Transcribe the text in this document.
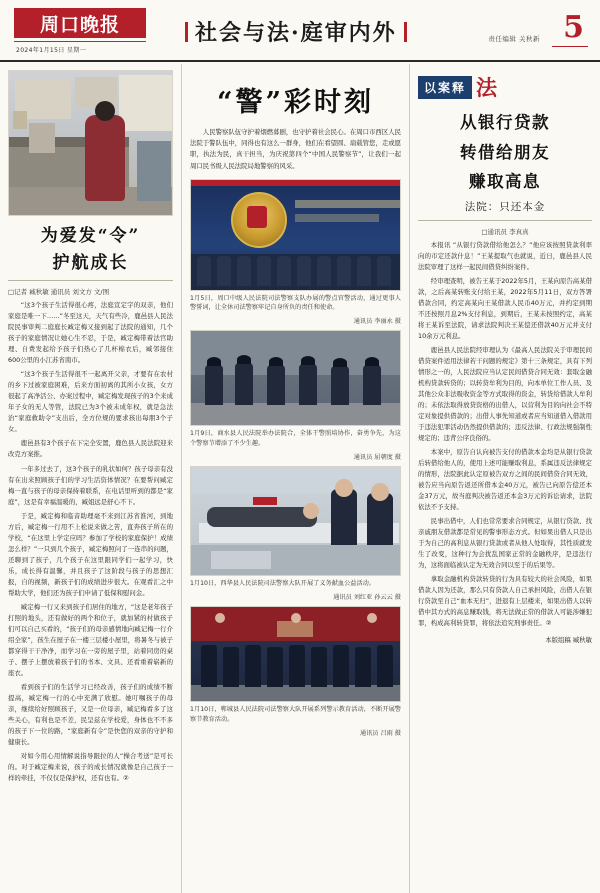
周口晚报
2024年1月15日 星期一
社会与法·庭审内外	责任编辑 关秋新 5
为爱发“令”
护航成长
□记者 臧秋敏 通讯员 刘文方 文/图

“这3个孩子生活得很心疼，法庭宣定宇的双亲，他们家庭是唯一下……”冬至这天，天气有些冷，鹿邑县人民法院民事审判二庭庭长臧定梅又接到起了法院的通知，几个孩子的家庭情况让她心生不忍，于是，臧定梅带着法官助理、自费发起给予孩子们热心了几杯棉衣后，臧邻接住600公里的小江苏省南市。

“这3个孩子生活得很不一起离开父亲，才要有在农村的乡下过被家庭困难，后来方面初离的其所小女孩，女方很起了高净活公、办案过程中，臧定梅发现孩子的3个来成年子女的无人等管，法院已为3个被未成年权，就是急法治“家庭救助令”支出后，全方位规的要求孩出每朋3个子女。

鹿邑县有3个孩子在下完全安置，鹿色县人民法院迎来改克方案推。

一年多过去了，这3个孩子的乳状如何？孩子母亲有没有在出来照顾孩子们的学习生活资体情况？在要帮问臧定梅一直与孩子的母亲保持着联系，在电话里听到的都是“家庭”，这是有幸福温暖的，臧姐远是舒心不下。

于是，臧定梅和临音助理毫不来到江苏省淮河，到地方后，臧定梅一行用不上松说来做之苦，直奔孩子所在的学校，“在这里上学定应吗？参加了学校的家庭保护！成绩怎么样？”一只到几个孩子，臧定梅照问了一连串的问题，还聊到了孩子，几个孩子在这里跟同学们一起学习，快乐，成长得有温馨，并且孩子了这阶段与孩子的思想汇报，自的视频，新孩子们的成绩进步很大。在观看汇之中帮助大学，他们还为孩子们申请了低保和慰问金。

臧定梅一行又来到孩子们居住的地方，“这是老年孩子打照的地头，还有做好的两个和位子，就加紧的村做孩子们可以自己买看的，“孩子们的母亲感情地向臧记梅一行介绍全家”，孩生在屋子在一楼三层楼小屋里，将暑冬与被子都穿得干干净净，而学习在一旁的屋子里，站着同房的桌子、摆子上摆放着孩子们的书本、文具、还看重着崭新的座衣。

看到孩子们的生活学习已经改善，孩子们的成绩不断提高，臧定梅一行的心中充满了欣慰。她叮嘱孩子的母亲，继续给好照顾孩子，又是一位母亲，臧记梅看多了这些关心，有利也是不差，民呈兹在学校爱，身体也不不多的孩子下一位的路，“家庭新有令”是快您的双亲的守护和健康长。

对如今用心用情解说指导跟拉的人“操合考送”是可长的。对于臧定梅来说，孩子的成长情况就像是自己孩子一样的牵挂，不仅仅是保护权，还有也有。②

“警”彩时刻

人民警察队伍守护着烟燃暮剧，也守护着社会民心。在周口市西区人民法院于警队伍中，同得也有这么一群身，他们在看望圆、扇载管您，走或愿职，执法为民，真干担当，为庆祝第四个“中国人民警察节”，让我们一起周口民书级人民法院局地警察的风采。

1月5日，周口中级人民法院司法警察支队办展的警点官警活动，通过更事人警誓词，让全休司法警察牢记自身所负的责任和使命。
通讯员 李丽永 摄
1月9日，商水县人民法院举办法院合，全体干警照培协作，奋勇争先，为这个警察节增添了不少生趣。
通讯员 屈朝度 摄
1月10日，西华县人民法院司法警察大队开展了义务献血公益活动。
通讯员 刘红亚 孙云云 摄
1月10日，郸城县人民法院司法警察大队开展系列警示教育活动，不断开展警察节教育活动。
通讯员 吕雨 摄
以案释 法
从银行贷款
转借给朋友
赚取高息
法院：只还本金
□通讯员 李真真

本报讯 “从银行贷款借给他怎么？”他应该按照贷款利率向的市定还款什息！”王某提取气也就说，近日，鹿邑县人民法院审理了这样一起民间借贷纠纷案件。

经审理查明，被告王某于2022年5月，王某向原告高某借款，之后高某转账支付给王某，2022年5月11日，双方答署借款合同，约定高某向王某借款人民币40万元，并约定到期不还按照月息2%支付利息，到期后，王某未按照约定，高某将王某诉至法院，请求法院判决王某偿还借款40万元并支付10余万元利息。

鹿邑县人民法院经审理认为《最高人民法院关于审理民间借贷案件适用法律若干问题的规定》第十三条规定，具有下列情形之一的，人民法院应当认定民间借贷合同无效：套取金融机构贷款转贷的；以转贷牟利为目的，向本单位工作人员、及其他公众非法吸收资金等方式取得的资金，转货给借款人牟利的；未依法取得放贷资格的出借人，以营利为目的向社会不特定对象提供借款的；出借人事先知道或者应当知道借入借款用于违法犯罪活动仍然提供借款的；违反法律、行政法规强制性规定的；违背公序良俗的。

本案中，原告自认向被告支付的借款本金均是从银行贷款后转借给他人的，使用上述可能赚取利息，系属违反法律规定的情形，法院据此认定原被告双方之间的民间借贷合同无效，被告应当向原告返还所借本金40万元，被告已向原告偿还本金37万元，故当庭判决被告返还本金3万元的诉讼请求，法院依法不予支持。

民事出借中，人们也常常要求合同规定，从银行贷款、找亲戚朋友借款都是常见的警事形态方式。但如果出借人只是出于为自己的高利息从银行贷款或者从他人处取得，其性质就发生了改变，这种行为会扰乱国家正常的金融秩序，是违法行为，这将面临被认定为无效合同以至于的后果等。

拿取金融机构贷款转贷的行为具有较大的社会风险，如果借款人因为还款，那么只有贷款人自己承担风险，出借人在银行贷款至自己“血本无归”，进退有上层楼来，如果出借人以转借中其方式的高息赚取钱，将无法做正常的借款人可能涉嫌犯罪，构成高利转贷罪，将依法追究刑事责任。②

本版组稿 臧秋敏
